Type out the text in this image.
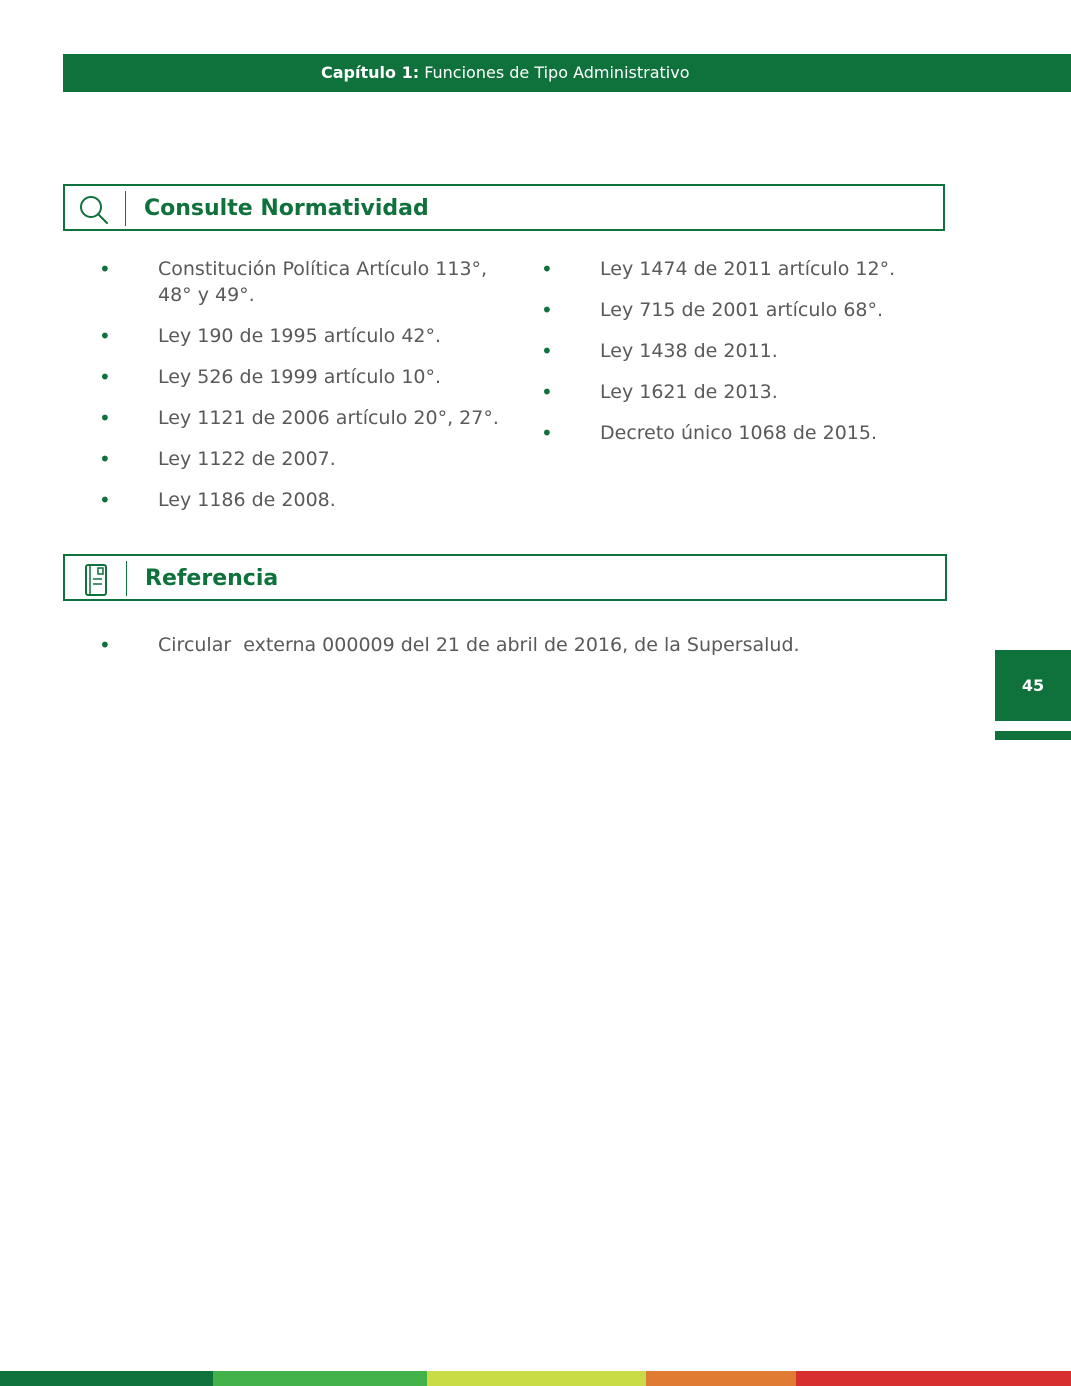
Capítulo 1: Funciones de Tipo Administrativo
Consulte Normatividad
• Constitución Política Artículo 113°, 48° y 49°.
• Ley 190 de 1995 artículo 42°.
• Ley 526 de 1999 artículo 10°.
• Ley 1121 de 2006 artículo 20°, 27°.
• Ley 1122 de 2007.
• Ley 1186 de 2008.
• Ley 1474 de 2011 artículo 12°.
• Ley 715 de 2001 artículo 68°.
• Ley 1438 de 2011.
• Ley 1621 de 2013.
• Decreto único 1068 de 2015.
Referencia
• Circular  externa 000009 del 21 de abril de 2016, de la Supersalud.
45
